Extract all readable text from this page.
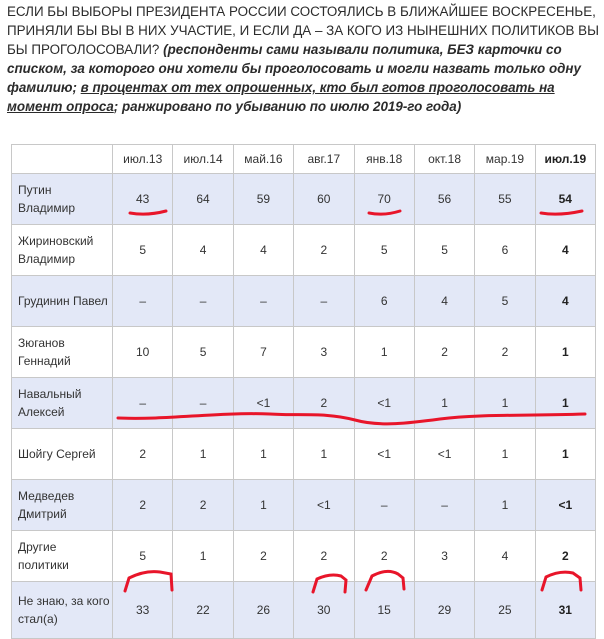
ЕСЛИ БЫ ВЫБОРЫ ПРЕЗИДЕНТА РОССИИ СОСТОЯЛИСЬ В БЛИЖАЙШЕЕ ВОСКРЕСЕНЬЕ, ПРИНЯЛИ БЫ ВЫ В НИХ УЧАСТИЕ, И ЕСЛИ ДА – ЗА КОГО ИЗ НЫНЕШНИХ ПОЛИТИКОВ ВЫ БЫ ПРОГОЛОСОВАЛИ? (респонденты сами называли политика, БЕЗ карточки со списком, за которого они хотели бы проголосовать и могли назвать только одну фамилию; в процентах от тех опрошенных, кто был готов проголосовать на момент опроса; ранжировано по убыванию по июлю 2019-го года)
	июл.13	июл.14	май.16	авг.17	янв.18	окт.18	мар.19	июл.19
Путин Владимир	43	64	59	60	70	56	55	54
Жириновский Владимир	5	4	4	2	5	5	6	4
Грудинин Павел	–	–	–	–	6	4	5	4
Зюганов Геннадий	10	5	7	3	1	2	2	1
Навальный Алексей	–	–	<1	2	<1	1	1	1
Шойгу Сергей	2	1	1	1	<1	<1	1	1
Медведев Дмитрий	2	2	1	<1	–	–	1	<1
Другие политики	5	1	2	2	2	3	4	2
Не знаю, за кого стал(а)	33	22	26	30	15	29	25	31
